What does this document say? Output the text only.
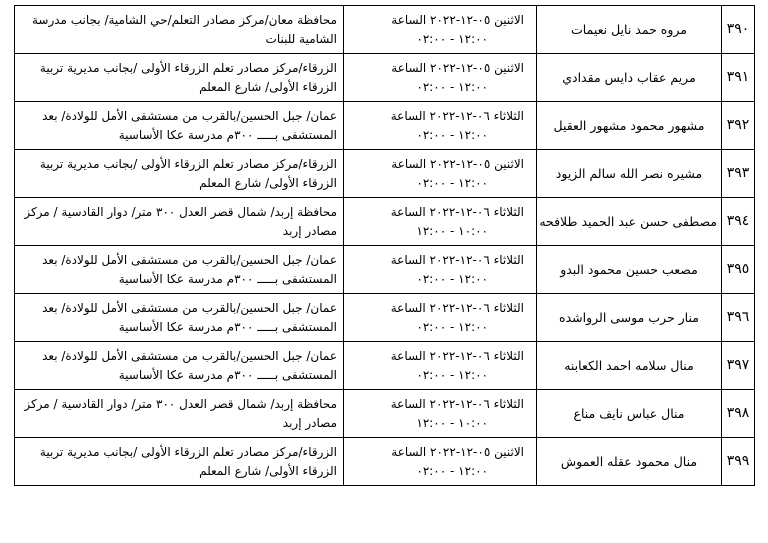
٣٩٠	مروه حمد نايل نعيمات	الاثنين ٠٥-١٢-٢٠٢٢ الساعة
١٢:٠٠ - ٠٢:٠٠	محافظة معان/مركز مصادر التعلم/حي الشامية/ بجانب مدرسة
الشامية للبنات

٣٩١	مريم عقاب دايس مقدادي	الاثنين ٠٥-١٢-٢٠٢٢ الساعة
١٢:٠٠ - ٠٢:٠٠	الزرقاء/مركز مصادر تعلم الزرقاء الأولى /بجانب مديرية تربية
الزرقاء الأولى/ شارع المعلم

٣٩٢	مشهور محمود مشهور العقيل	الثلاثاء ٠٦-١٢-٢٠٢٢ الساعة
١٢:٠٠ - ٠٢:٠٠	عمان/ جبل الحسين/بالقرب من مستشفى الأمل للولادة/ بعد
المستشفى بـــــ ٣٠٠م مدرسة عكا الأساسية

٣٩٣	مشيره نصر الله سالم الزيود	الاثنين ٠٥-١٢-٢٠٢٢ الساعة
١٢:٠٠ - ٠٢:٠٠	الزرقاء/مركز مصادر تعلم الزرقاء الأولى /بجانب مديرية تربية
الزرقاء الأولى/ شارع المعلم

٣٩٤	مصطفى حسن عبد الحميد طلافحه	الثلاثاء ٠٦-١٢-٢٠٢٢ الساعة
١٠:٠٠ - ١٢:٠٠	محافظة إربد/ شمال قصر العدل ٣٠٠ متر/ دوار القادسية / مركز
مصادر إربد

٣٩٥	مصعب حسين محمود البدو	الثلاثاء ٠٦-١٢-٢٠٢٢ الساعة
١٢:٠٠ - ٠٢:٠٠	عمان/ جبل الحسين/بالقرب من مستشفى الأمل للولادة/ بعد
المستشفى بـــــ ٣٠٠م مدرسة عكا الأساسية

٣٩٦	منار حرب موسى الرواشده	الثلاثاء ٠٦-١٢-٢٠٢٢ الساعة
١٢:٠٠ - ٠٢:٠٠	عمان/ جبل الحسين/بالقرب من مستشفى الأمل للولادة/ بعد
المستشفى بـــــ ٣٠٠م مدرسة عكا الأساسية

٣٩٧	منال سلامه احمد الكعابنه	الثلاثاء ٠٦-١٢-٢٠٢٢ الساعة
١٢:٠٠ - ٠٢:٠٠	عمان/ جبل الحسين/بالقرب من مستشفى الأمل للولادة/ بعد
المستشفى بـــــ ٣٠٠م مدرسة عكا الأساسية

٣٩٨	منال عباس نايف مناع	الثلاثاء ٠٦-١٢-٢٠٢٢ الساعة
١٠:٠٠ - ١٢:٠٠	محافظة إربد/ شمال قصر العدل ٣٠٠ متر/ دوار القادسية / مركز
مصادر إربد

٣٩٩	منال محمود عقله العموش	الاثنين ٠٥-١٢-٢٠٢٢ الساعة
١٢:٠٠ - ٠٢:٠٠	الزرقاء/مركز مصادر تعلم الزرقاء الأولى /بجانب مديرية تربية
الزرقاء الأولى/ شارع المعلم
